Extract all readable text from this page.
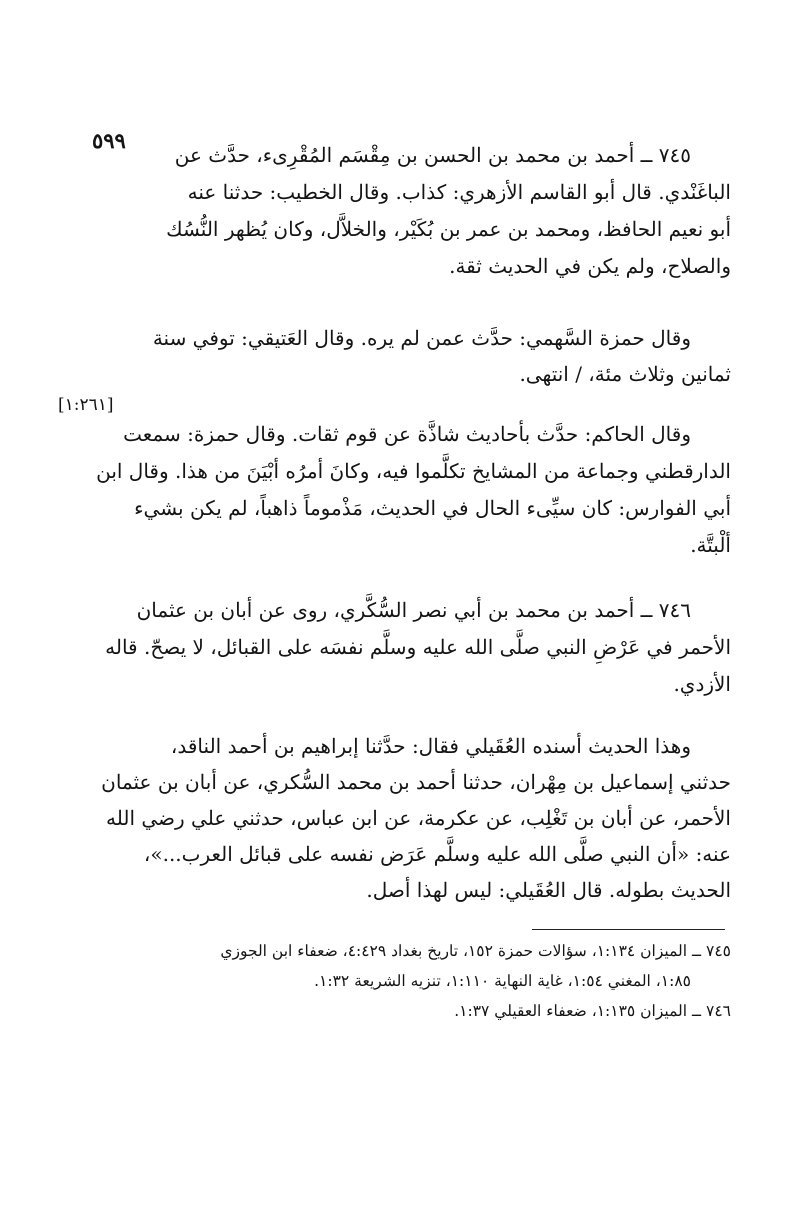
٥٩٩
٧٤٥ ــ أحمد بن محمد بن الحسن بن مِقْسَم المُقْرِىء، حدَّث عن
الباغَنْدي. قال أبو القاسم الأزهري: كذاب. وقال الخطيب: حدثنا عنه
أبو نعيم الحافظ، ومحمد بن عمر بن بُكَيْر، والخلاَّل، وكان يُظهر النُّسُك
والصلاح، ولم يكن في الحديث ثقة.
وقال حمزة السَّهمي: حدَّث عمن لم يره. وقال العَتيقي: توفي سنة
ثمانين وثلاث مئة، / انتهى.
[١:٢٦١]
وقال الحاكم: حدَّث بأحاديث شاذَّة عن قوم ثقات. وقال حمزة: سمعت
الدارقطني وجماعة من المشايخ تكلَّموا فيه، وكانَ أمرُه أبْيَنَ من هذا. وقال ابن
أبي الفوارس: كان سيِّىء الحال في الحديث، مَذْموماً ذاهباً، لم يكن بشيء
ألْبتَّة.
٧٤٦ ــ أحمد بن محمد بن أبي نصر السُّكَّري، روى عن أبان بن عثمان
الأحمر في عَرْضِ النبي صلَّى الله عليه وسلَّم نفسَه على القبائل، لا يصحّ. قاله
الأزدي.
وهذا الحديث أسنده العُقَيلي فقال: حدَّثنا إبراهيم بن أحمد الناقد،
حدثني إسماعيل بن مِهْران، حدثنا أحمد بن محمد السُّكري، عن أبان بن عثمان
الأحمر، عن أبان بن تَغْلِب، عن عكرمة، عن ابن عباس، حدثني علي رضي الله
عنه: «أن النبي صلَّى الله عليه وسلَّم عَرَض نفسه على قبائل العرب...»،
الحديث بطوله. قال العُقَيلي: ليس لهذا أصل.
٧٤٥ ــ الميزان ١:١٣٤، سؤالات حمزة ١٥٢، تاريخ بغداد ٤:٤٢٩، ضعفاء ابن الجوزي
١:٨٥، المغني ١:٥٤، غاية النهاية ١:١١٠، تنزيه الشريعة ١:٣٢.
٧٤٦ ــ الميزان ١:١٣٥، ضعفاء العقيلي ١:٣٧.
